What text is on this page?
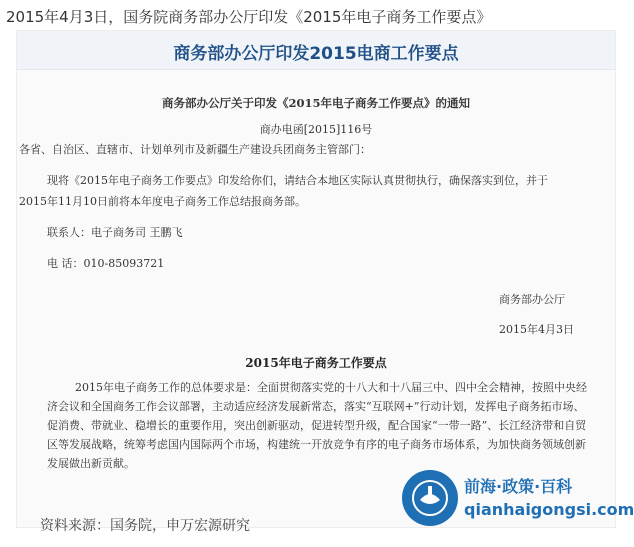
2015年4月3日，国务院商务部办公厅印发《2015年电子商务工作要点》
商务部办公厅印发2015电商工作要点
商务部办公厅关于印发《2015年电子商务工作要点》的通知
商办电函[2015]116号
各省、自治区、直辖市、计划单列市及新疆生产建设兵团商务主管部门：
现将《2015年电子商务工作要点》印发给你们，请结合本地区实际认真贯彻执行，确保落实到位，并于
2015年11月10日前将本年度电子商务工作总结报商务部。
联系人：电子商务司 王鹏飞
电 话：010-85093721
商务部办公厅
2015年4月3日
2015年电子商务工作要点
2015年电子商务工作的总体要求是：全面贯彻落实党的十八大和十八届三中、四中全会精神，按照中央经济会议和全国商务工作会议部署，主动适应经济发展新常态，落实“互联网+”行动计划，发挥电子商务拓市场、促消费、带就业、稳增长的重要作用，突出创新驱动，促进转型升级，配合国家“一带一路”、长江经济带和自贸区等发展战略，统筹考虑国内国际两个市场，构建统一开放竞争有序的电子商务市场体系，为加快商务领域创新发展做出新贡献。
资料来源：国务院，申万宏源研究
前海·政策·百科
qianhaigongsi.com
